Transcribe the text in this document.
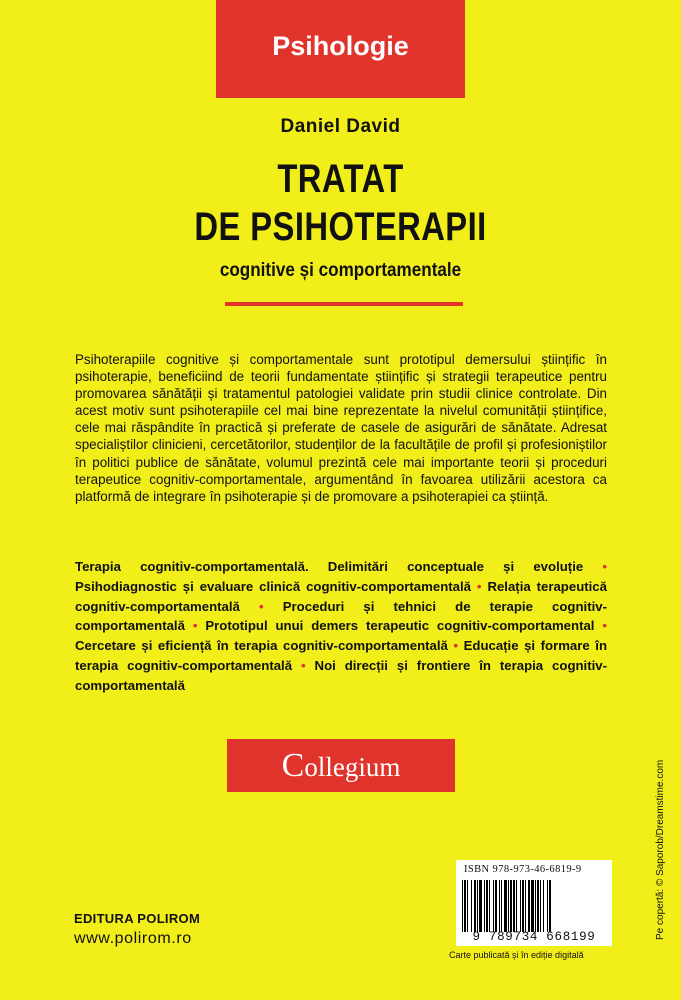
Psihologie
Daniel David
TRATAT
DE PSIHOTERAPII
cognitive și comportamentale
Psihoterapiile cognitive și comportamentale sunt prototipul demersului științific în psihoterapie, beneficiind de teorii fundamentate științific și strategii terapeutice pentru promovarea sănătății și tratamentul patologiei validate prin studii clinice controlate. Din acest motiv sunt psihoterapiile cel mai bine reprezentate la nivelul comunității științifice, cele mai răspândite în practică și preferate de casele de asigurări de sănătate. Adresat specialiștilor clinicieni, cercetătorilor, studenților de la facultățile de profil și profesioniștilor în politici publice de sănătate, volumul prezintă cele mai importante teorii și proceduri terapeutice cognitiv-comportamentale, argumentând în favoarea utilizării acestora ca platformă de integrare în psihoterapie și de promovare a psihoterapiei ca știință.
Terapia cognitiv-comportamentală. Delimitări conceptuale și evoluție • Psihodiagnostic și evaluare clinică cognitiv-comportamentală • Relația terapeutică cognitiv-comportamentală • Proceduri și tehnici de terapie cognitiv-comportamentală • Prototipul unui demers terapeutic cognitiv-comportamental • Cercetare și eficiență în terapia cognitiv-comportamentală • Educație și formare în terapia cognitiv-comportamentală • Noi direcții și frontiere în terapia cognitiv-comportamentală
Collegium	Pe copertă: © Saporob/Dreamstime.com
EDITURA POLIROM
www.polirom.ro
ISBN 978-973-46-6819-9
9 789734 668199
Carte publicată și în ediție digitală
